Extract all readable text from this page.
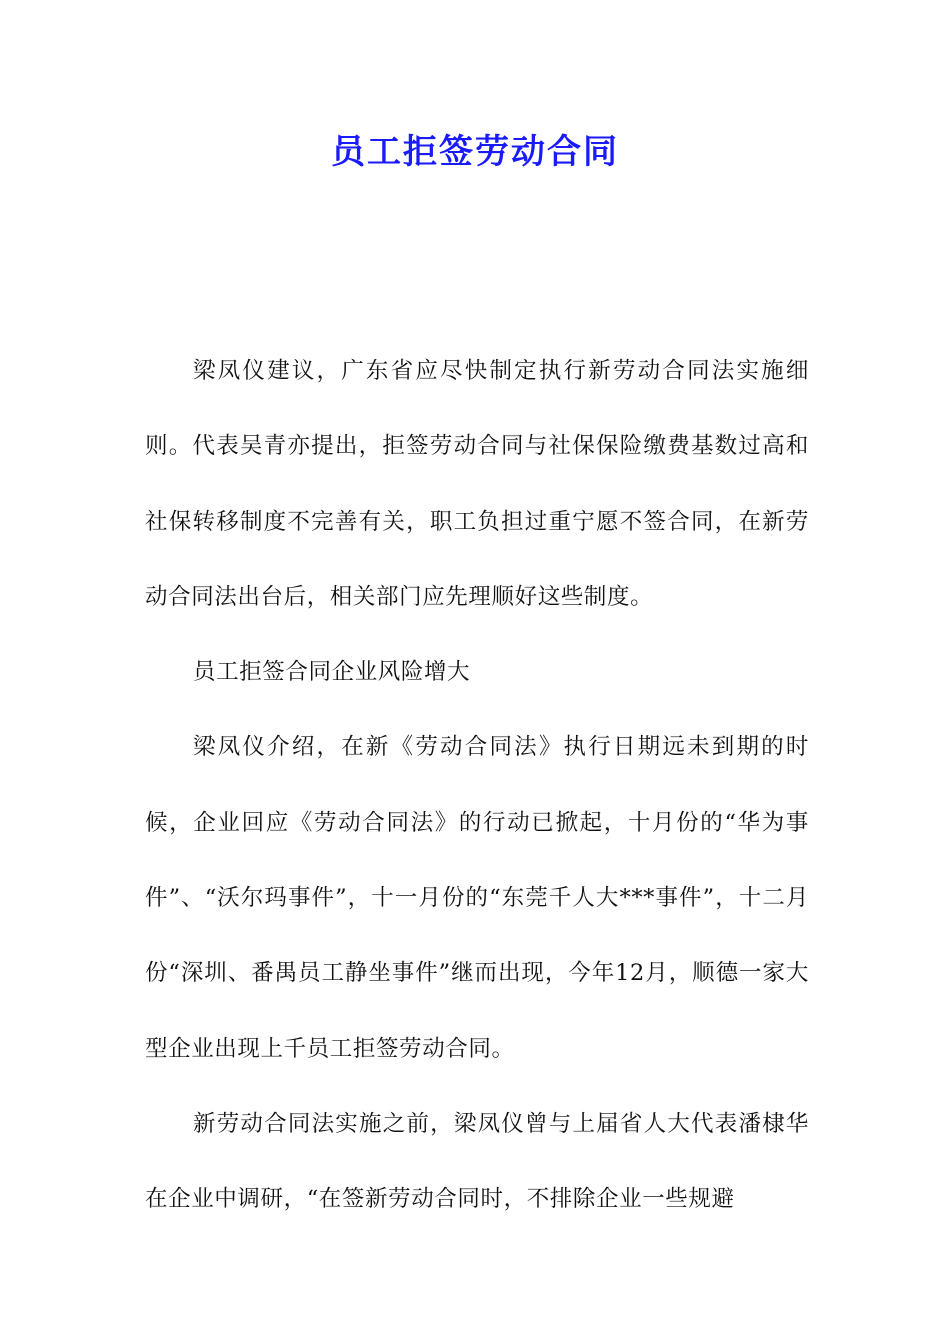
员工拒签劳动合同

梁凤仪建议，广东省应尽快制定执行新劳动合同法实施细则。代表吴青亦提出，拒签劳动合同与社保保险缴费基数过高和社保转移制度不完善有关，职工负担过重宁愿不签合同，在新劳动合同法出台后，相关部门应先理顺好这些制度。

员工拒签合同企业风险增大

梁凤仪介绍，在新《劳动合同法》执行日期远未到期的时候，企业回应《劳动合同法》的行动已掀起，十月份的“华为事件”、“沃尔玛事件”，十一月份的“东莞千人大***事件”，十二月份“深圳、番禺员工静坐事件”继而出现，今年12月，顺德一家大型企业出现上千员工拒签劳动合同。

新劳动合同法实施之前，梁凤仪曾与上届省人大代表潘棣华在企业中调研，“在签新劳动合同时，不排除企业一些规避
